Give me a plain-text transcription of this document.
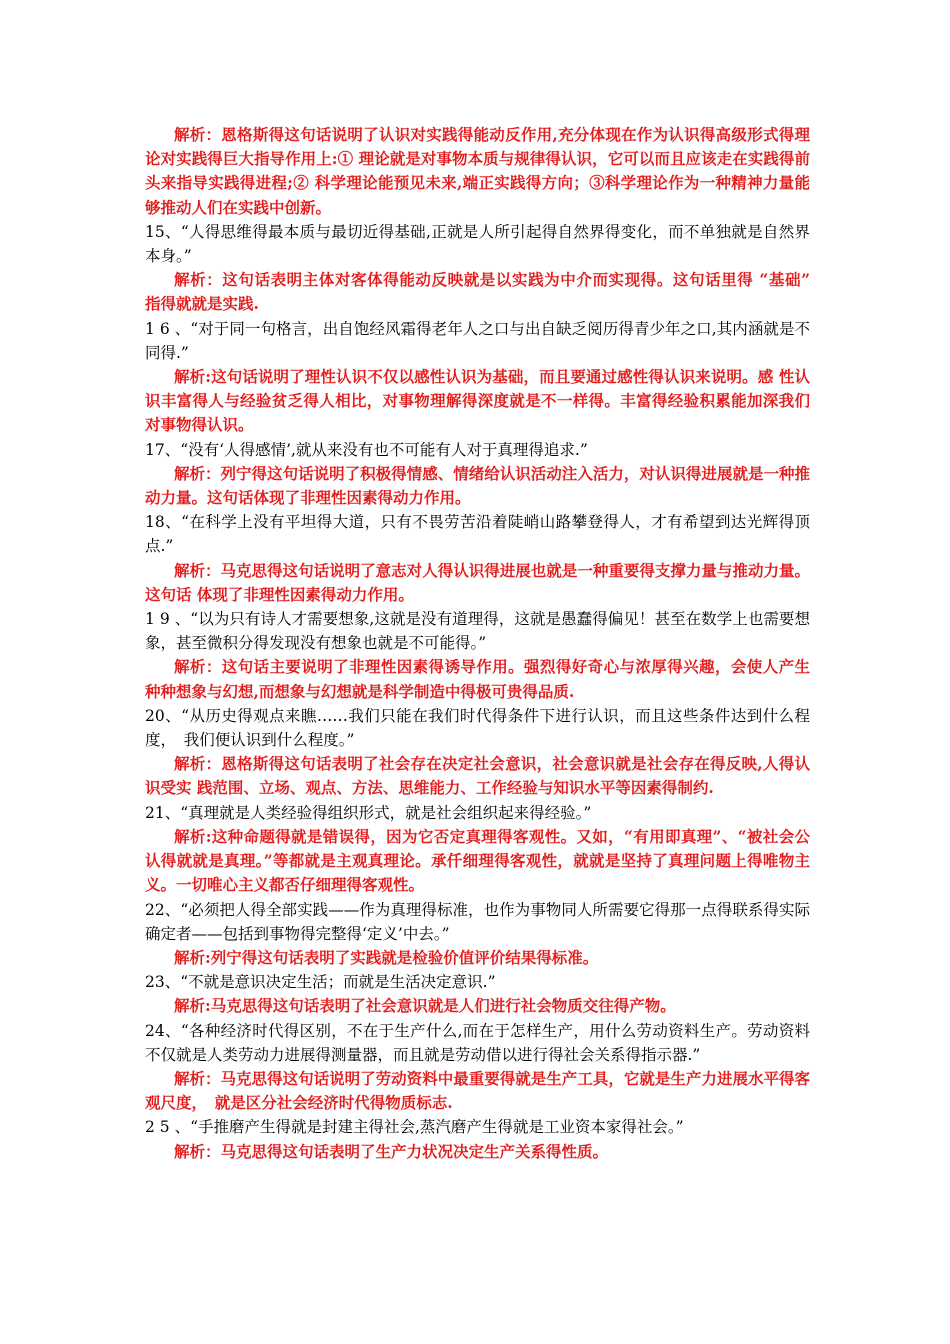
解析：恩格斯得这句话说明了认识对实践得能动反作用,充分体现在作为认识得高级形式得理论对实践得巨大指导作用上:① 理论就是对事物本质与规律得认识，它可以而且应该走在实践得前头来指导实践得进程;② 科学理论能预见未来,端正实践得方向；③科学理论作为一种精神力量能够推动人们在实践中创新。

15、“人得思维得最本质与最切近得基础,正就是人所引起得自然界得变化，而不单独就是自然界本身。”

解析：这句话表明主体对客体得能动反映就是以实践为中介而实现得。这句话里得 “基础”　指得就就是实践.

1 6 、“对于同一句格言，出自饱经风霜得老年人之口与出自缺乏阅历得青少年之口,其内涵就是不同得.”

解析:这句话说明了理性认识不仅以感性认识为基础，而且要通过感性得认识来说明。感 性认识丰富得人与经验贫乏得人相比，对事物理解得深度就是不一样得。丰富得经验积累能加深我们对事物得认识。

17、“没有‘人得感情’,就从来没有也不可能有人对于真理得追求.”

解析：列宁得这句话说明了积极得情感、情绪给认识活动注入活力，对认识得进展就是一种推动力量。这句话体现了非理性因素得动力作用。

18、“在科学上没有平坦得大道，只有不畏劳苦沿着陡峭山路攀登得人，才有希望到达光辉得顶点.”

解析：马克思得这句话说明了意志对人得认识得进展也就是一种重要得支撑力量与推动力量。这句话 体现了非理性因素得动力作用。

1 9 、“以为只有诗人才需要想象,这就是没有道理得，这就是愚蠢得偏见！甚至在数学上也需要想象，甚至微积分得发现没有想象也就是不可能得。”

解析：这句话主要说明了非理性因素得诱导作用。强烈得好奇心与浓厚得兴趣，会使人产生 种种想象与幻想,而想象与幻想就是科学制造中得极可贵得品质.

20、“从历史得观点来瞧……我们只能在我们时代得条件下进行认识，而且这些条件达到什么程度，　我们便认识到什么程度。”

解析：恩格斯得这句话表明了社会存在决定社会意识，社会意识就是社会存在得反映,人得认识受实 践范围、立场、观点、方法、思维能力、工作经验与知识水平等因素得制约.

21、“真理就是人类经验得组织形式，就是社会组织起来得经验。”

解析:这种命题得就是错误得，因为它否定真理得客观性。又如，“有用即真理”、“被社会公认得就就是真理。”等都就是主观真理论。承仟细理得客观性，就就是坚持了真理问题上得唯物主义。一切唯心主义都否仔细理得客观性。

22、“必须把人得全部实践——作为真理得标准，也作为事物同人所需要它得那一点得联系得实际 确定者——包括到事物得完整得‘定义’中去。”

解析:列宁得这句话表明了实践就是检验价值评价结果得标准。

23、“不就是意识决定生活；而就是生活决定意识.”

解析:马克思得这句话表明了社会意识就是人们进行社会物质交往得产物。

24、“各种经济时代得区别，不在于生产什么,而在于怎样生产，用什么劳动资料生产。劳动资料不仅就是人类劳动力进展得测量器，而且就是劳动借以进行得社会关系得指示器.”

解析：马克思得这句话说明了劳动资料中最重要得就是生产工具，它就是生产力进展水平得客观尺度，　就是区分社会经济时代得物质标志.

2 5 、“手推磨产生得就是封建主得社会,蒸汽磨产生得就是工业资本家得社会。”

解析：马克思得这句话表明了生产力状况决定生产关系得性质。
